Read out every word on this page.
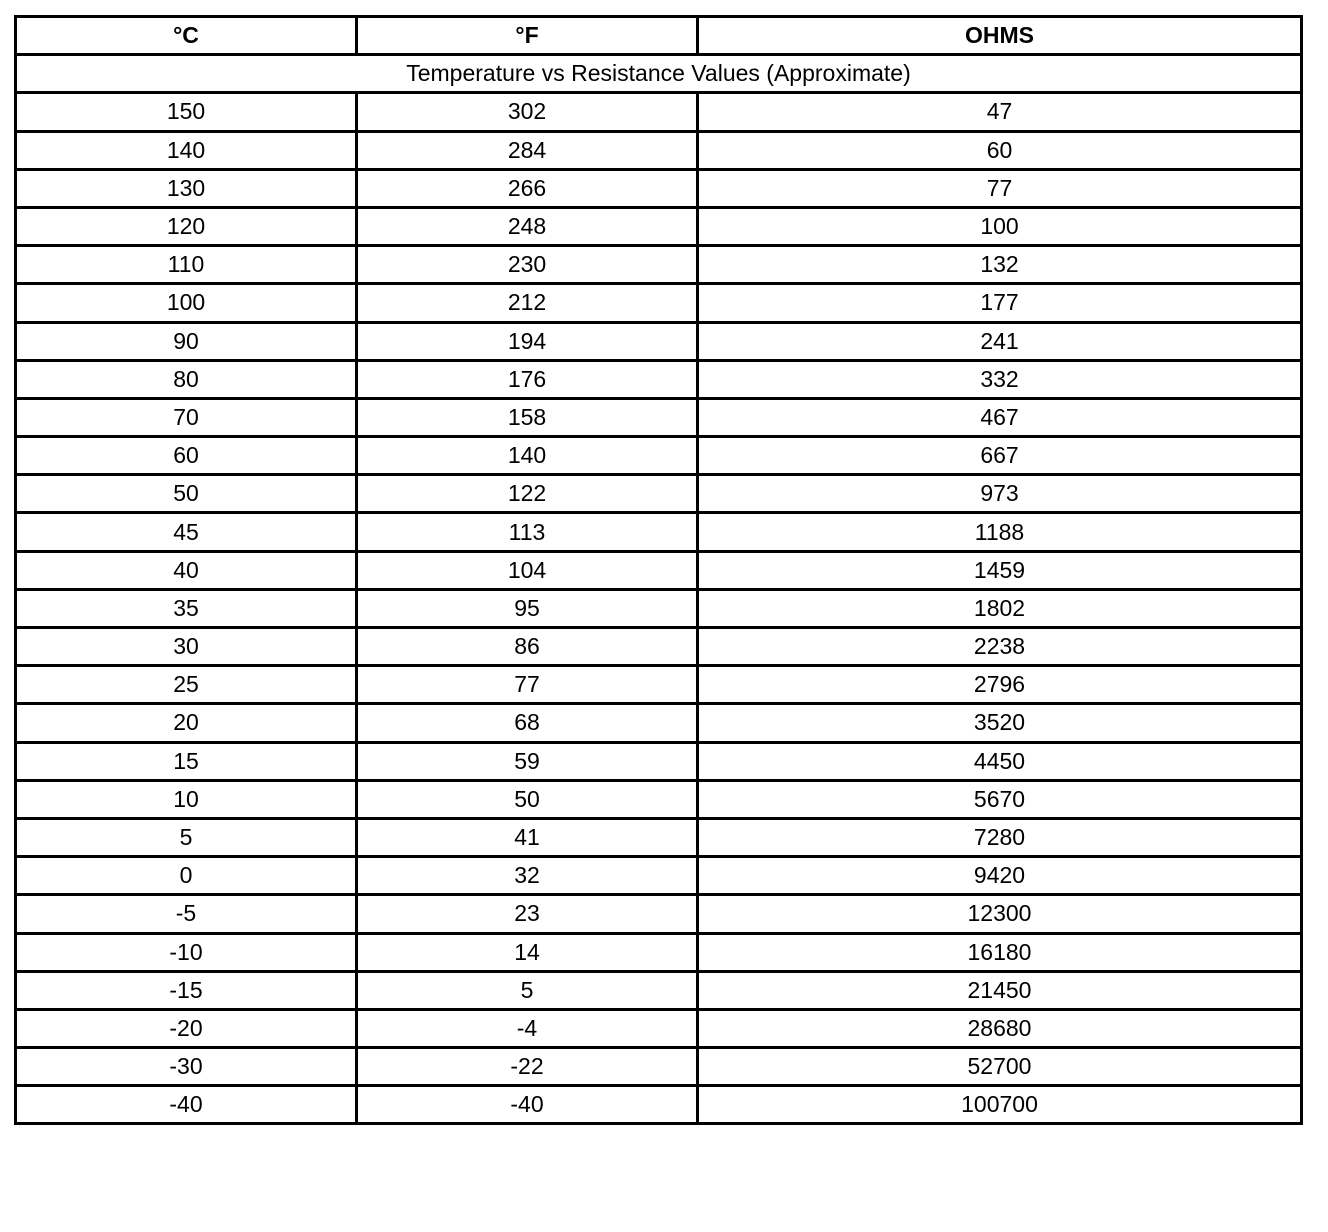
°C	°F	OHMS
Temperature vs Resistance Values (Approximate)		
150	302	47
140	284	60
130	266	77
120	248	100
110	230	132
100	212	177
90	194	241
80	176	332
70	158	467
60	140	667
50	122	973
45	113	1188
40	104	1459
35	95	1802
30	86	2238
25	77	2796
20	68	3520
15	59	4450
10	50	5670
5	41	7280
0	32	9420
-5	23	12300
-10	14	16180
-15	5	21450
-20	-4	28680
-30	-22	52700
-40	-40	100700
